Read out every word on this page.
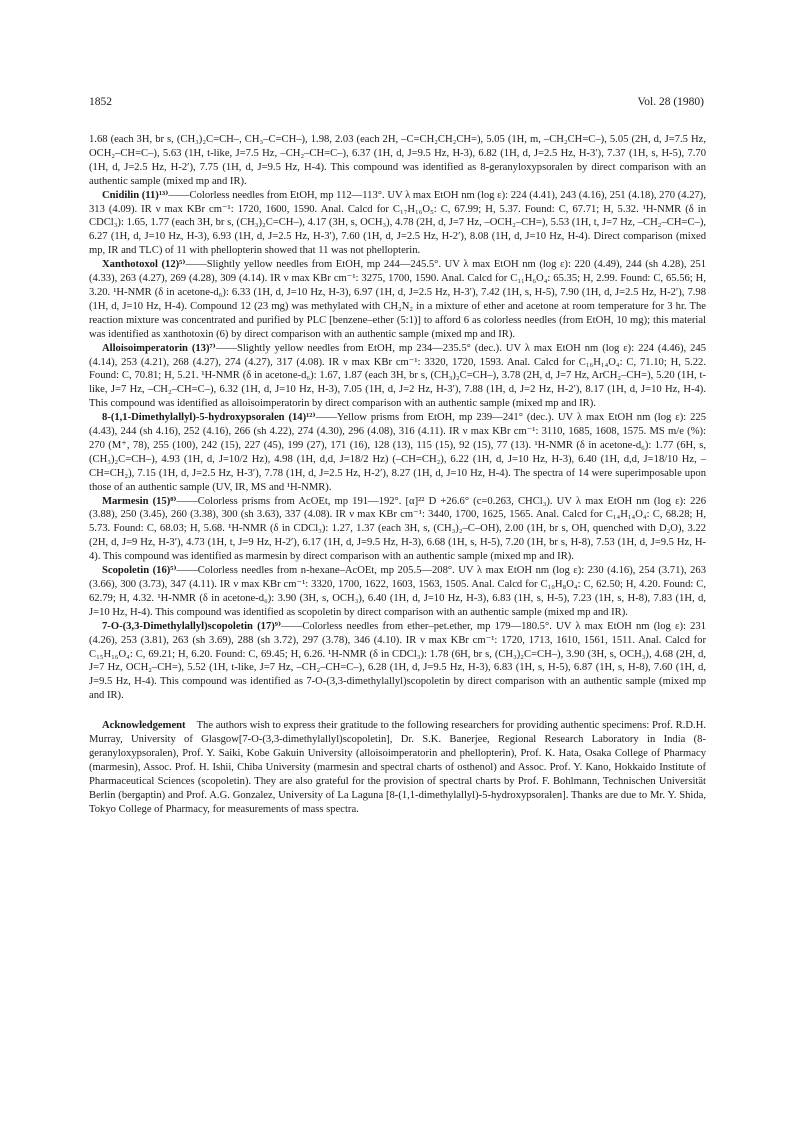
1852	Vol. 28 (1980)

1.68 (each 3H, br s, (CH₃)₂C=CH–, CH₃–C=CH–), 1.98, 2.03 (each 2H, –C=CH₂CH₂CH=), 5.05 (1H, m, –CH₂CH=C–), 5.05 (2H, d, J=7.5 Hz, OCH₂–CH=C–), 5.63 (1H, t-like, J=7.5 Hz, –CH₂–CH=C–), 6.37 (1H, d, J=9.5 Hz, H-3), 6.82 (1H, d, J=2.5 Hz, H-3′), 7.37 (1H, s, H-5), 7.70 (1H, d, J=2.5 Hz, H-2′), 7.75 (1H, d, J=9.5 Hz, H-4). This compound was identified as 8-geranyloxypsoralen by direct comparison with an authentic sample (mixed mp and IR).

Cnidilin (11)¹³⁾——Colorless needles from EtOH, mp 112—113°. UV λ max EtOH nm (log ε): 224 (4.41), 243 (4.16), 251 (4.18), 270 (4.27), 313 (4.09). IR ν max KBr cm⁻¹: 1720, 1600, 1590. Anal. Calcd for C₁₇H₁₆O₅: C, 67.99; H, 5.37. Found: C, 67.71; H, 5.32. ¹H-NMR (δ in CDCl₃): 1.65, 1.77 (each 3H, br s, (CH₃)₂C=CH–), 4.17 (3H, s, OCH₃), 4.78 (2H, d, J=7 Hz, –OCH₂–CH=), 5.53 (1H, t, J=7 Hz, –CH₂–CH=C–), 6.27 (1H, d, J=10 Hz, H-3), 6.93 (1H, d, J=2.5 Hz, H-3′), 7.60 (1H, d, J=2.5 Hz, H-2′), 8.08 (1H, d, J=10 Hz, H-4). Direct comparison (mixed mp, IR and TLC) of 11 with phellopterin showed that 11 was not phellopterin.

Xanthotoxol (12)⁵⁾——Slightly yellow needles from EtOH, mp 244—245.5°. UV λ max EtOH nm (log ε): 220 (4.49), 244 (sh 4.28), 251 (4.33), 263 (4.27), 269 (4.28), 309 (4.14). IR ν max KBr cm⁻¹: 3275, 1700, 1590. Anal. Calcd for C₁₁H₆O₄: 65.35; H, 2.99. Found: C, 65.56; H, 3.20. ¹H-NMR (δ in acetone-d₆): 6.33 (1H, d, J=10 Hz, H-3), 6.97 (1H, d, J=2.5 Hz, H-3′), 7.42 (1H, s, H-5), 7.90 (1H, d, J=2.5 Hz, H-2′), 7.98 (1H, d, J=10 Hz, H-4). Compound 12 (23 mg) was methylated with CH₂N₂ in a mixture of ether and acetone at room temperature for 3 hr. The reaction mixture was concentrated and purified by PLC [benzene–ether (5:1)] to afford 6 as colorless needles (from EtOH, 10 mg); this material was identified as xanthotoxin (6) by direct comparison with an authentic sample (mixed mp and IR).

Alloisoimperatorin (13)⁷⁾——Slightly yellow needles from EtOH, mp 234—235.5° (dec.). UV λ max EtOH nm (log ε): 224 (4.46), 245 (4.14), 253 (4.21), 268 (4.27), 274 (4.27), 317 (4.08). IR ν max KBr cm⁻¹: 3320, 1720, 1593. Anal. Calcd for C₁₆H₁₄O₄: C, 71.10; H, 5.22. Found: C, 70.81; H, 5.21. ¹H-NMR (δ in acetone-d₆): 1.67, 1.87 (each 3H, br s, (CH₃)₂C=CH–), 3.78 (2H, d, J=7 Hz, ArCH₂–CH=), 5.20 (1H, t-like, J=7 Hz, –CH₂–CH=C–), 6.32 (1H, d, J=10 Hz, H-3), 7.05 (1H, d, J=2 Hz, H-3′), 7.88 (1H, d, J=2 Hz, H-2′), 8.17 (1H, d, J=10 Hz, H-4). This compound was identified as alloisoimperatorin by direct comparison with an authentic sample (mixed mp and IR).

8-(1,1-Dimethylallyl)-5-hydroxypsoralen (14)¹²⁾——Yellow prisms from EtOH, mp 239—241° (dec.). UV λ max EtOH nm (log ε): 225 (4.43), 244 (sh 4.16), 252 (4.16), 266 (sh 4.22), 274 (4.30), 296 (4.08), 316 (4.11). IR ν max KBr cm⁻¹: 3110, 1685, 1608, 1575. MS m/e (%): 270 (M⁺, 78), 255 (100), 242 (15), 227 (45), 199 (27), 171 (16), 128 (13), 115 (15), 92 (15), 77 (13). ¹H-NMR (δ in acetone-d₆): 1.77 (6H, s, (CH₃)₂C=CH–), 4.93 (1H, d, J=10/2 Hz), 4.98 (1H, d,d, J=18/2 Hz) (–CH=CH₂), 6.22 (1H, d, J=10 Hz, H-3), 6.40 (1H, d,d, J=18/10 Hz, –CH=CH₂), 7.15 (1H, d, J=2.5 Hz, H-3′), 7.78 (1H, d, J=2.5 Hz, H-2′), 8.27 (1H, d, J=10 Hz, H-4). The spectra of 14 were superimposable upon those of an authentic sample (UV, IR, MS and ¹H-NMR).

Marmesin (15)⁸⁾——Colorless prisms from AcOEt, mp 191—192°. [α]²² D +26.6° (c=0.263, CHCl₃). UV λ max EtOH nm (log ε): 226 (3.88), 250 (3.45), 260 (3.38), 300 (sh 3.63), 337 (4.08). IR ν max KBr cm⁻¹: 3440, 1700, 1625, 1565. Anal. Calcd for C₁₄H₁₄O₄: C, 68.28; H, 5.73. Found: C, 68.03; H, 5.68. ¹H-NMR (δ in CDCl₃): 1.27, 1.37 (each 3H, s, (CH₃)₂–C–OH), 2.00 (1H, br s, OH, quenched with D₂O), 3.22 (2H, d, J=9 Hz, H-3′), 4.73 (1H, t, J=9 Hz, H-2′), 6.17 (1H, d, J=9.5 Hz, H-3), 6.68 (1H, s, H-5), 7.20 (1H, br s, H-8), 7.53 (1H, d, J=9.5 Hz, H-4). This compound was identified as marmesin by direct comparison with an authentic sample (mixed mp and IR).

Scopoletin (16)⁵⁾——Colorless needles from n-hexane–AcOEt, mp 205.5—208°. UV λ max EtOH nm (log ε): 230 (4.16), 254 (3.71), 263 (3.66), 300 (3.73), 347 (4.11). IR ν max KBr cm⁻¹: 3320, 1700, 1622, 1603, 1563, 1505. Anal. Calcd for C₁₀H₈O₄: C, 62.50; H, 4.20. Found: C, 62.79; H, 4.32. ¹H-NMR (δ in acetone-d₆): 3.90 (3H, s, OCH₃), 6.40 (1H, d, J=10 Hz, H-3), 6.83 (1H, s, H-5), 7.23 (1H, s, H-8), 7.83 (1H, d, J=10 Hz, H-4). This compound was identified as scopoletin by direct comparison with an authentic sample (mixed mp and IR).

7-O-(3,3-Dimethylallyl)scopoletin (17)⁹⁾——Colorless needles from ether–pet.ether, mp 179—180.5°. UV λ max EtOH nm (log ε): 231 (4.26), 253 (3.81), 263 (sh 3.69), 288 (sh 3.72), 297 (3.78), 346 (4.10). IR ν max KBr cm⁻¹: 1720, 1713, 1610, 1561, 1511. Anal. Calcd for C₁₅H₁₆O₄: C, 69.21; H, 6.20. Found: C, 69.45; H, 6.26. ¹H-NMR (δ in CDCl₃): 1.78 (6H, br s, (CH₃)₂C=CH–), 3.90 (3H, s, OCH₃), 4.68 (2H, d, J=7 Hz, OCH₂–CH=), 5.52 (1H, t-like, J=7 Hz, –CH₂–CH=C–), 6.28 (1H, d, J=9.5 Hz, H-3), 6.83 (1H, s, H-5), 6.87 (1H, s, H-8), 7.60 (1H, d, J=9.5 Hz, H-4). This compound was identified as 7-O-(3,3-dimethylallyl)scopoletin by direct comparison with an authentic sample (mixed mp and IR).

Acknowledgement The authors wish to express their gratitude to the following researchers for providing authentic specimens: Prof. R.D.H. Murray, University of Glasgow[7-O-(3,3-dimethylallyl)scopoletin], Dr. S.K. Banerjee, Regional Research Laboratory in India (8-geranyloxypsoralen), Prof. Y. Saiki, Kobe Gakuin University (alloisoimperatorin and phellopterin), Prof. K. Hata, Osaka College of Pharmacy (marmesin), Assoc. Prof. H. Ishii, Chiba University (marmesin and spectral charts of osthenol) and Assoc. Prof. Y. Kano, Hokkaido Institute of Pharmaceutical Sciences (scopoletin). They are also grateful for the provision of spectral charts by Prof. F. Bohlmann, Technischen Universität Berlin (bergaptin) and Prof. A.G. Gonzalez, University of La Laguna [8-(1,1-dimethylallyl)-5-hydroxypsoralen]. Thanks are due to Mr. Y. Shida, Tokyo College of Pharmacy, for measurements of mass spectra.
